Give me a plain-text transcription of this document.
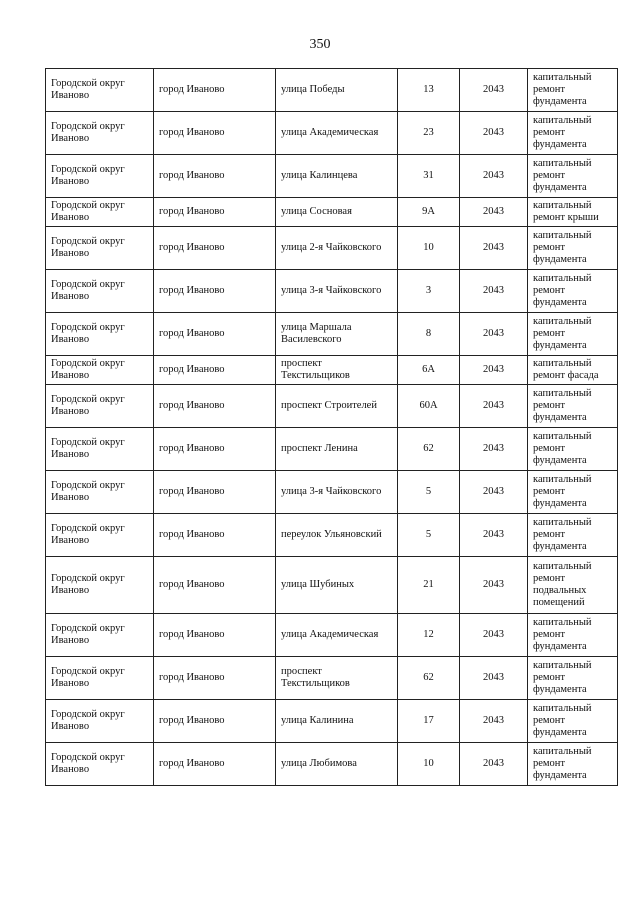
350
Городской округ Иваново	город Иваново	улица Победы	13	2043	капитальный ремонт фундамента
Городской округ Иваново	город Иваново	улица Академическая	23	2043	капитальный ремонт фундамента
Городской округ Иваново	город Иваново	улица Калинцева	31	2043	капитальный ремонт фундамента
Городской округ Иваново	город Иваново	улица Сосновая	9А	2043	капитальный ремонт крыши
Городской округ Иваново	город Иваново	улица 2-я Чайковского	10	2043	капитальный ремонт фундамента
Городской округ Иваново	город Иваново	улица 3-я Чайковского	3	2043	капитальный ремонт фундамента
Городской округ Иваново	город Иваново	улица Маршала Василевского	8	2043	капитальный ремонт фундамента
Городской округ Иваново	город Иваново	проспект Текстильщиков	6А	2043	капитальный ремонт фасада
Городской округ Иваново	город Иваново	проспект Строителей	60А	2043	капитальный ремонт фундамента
Городской округ Иваново	город Иваново	проспект Ленина	62	2043	капитальный ремонт фундамента
Городской округ Иваново	город Иваново	улица 3-я Чайковского	5	2043	капитальный ремонт фундамента
Городской округ Иваново	город Иваново	переулок Ульяновский	5	2043	капитальный ремонт фундамента
Городской округ Иваново	город Иваново	улица Шубиных	21	2043	капитальный ремонт подвальных помещений
Городской округ Иваново	город Иваново	улица Академическая	12	2043	капитальный ремонт фундамента
Городской округ Иваново	город Иваново	проспект Текстильщиков	62	2043	капитальный ремонт фундамента
Городской округ Иваново	город Иваново	улица Калинина	17	2043	капитальный ремонт фундамента
Городской округ Иваново	город Иваново	улица Любимова	10	2043	капитальный ремонт фундамента
